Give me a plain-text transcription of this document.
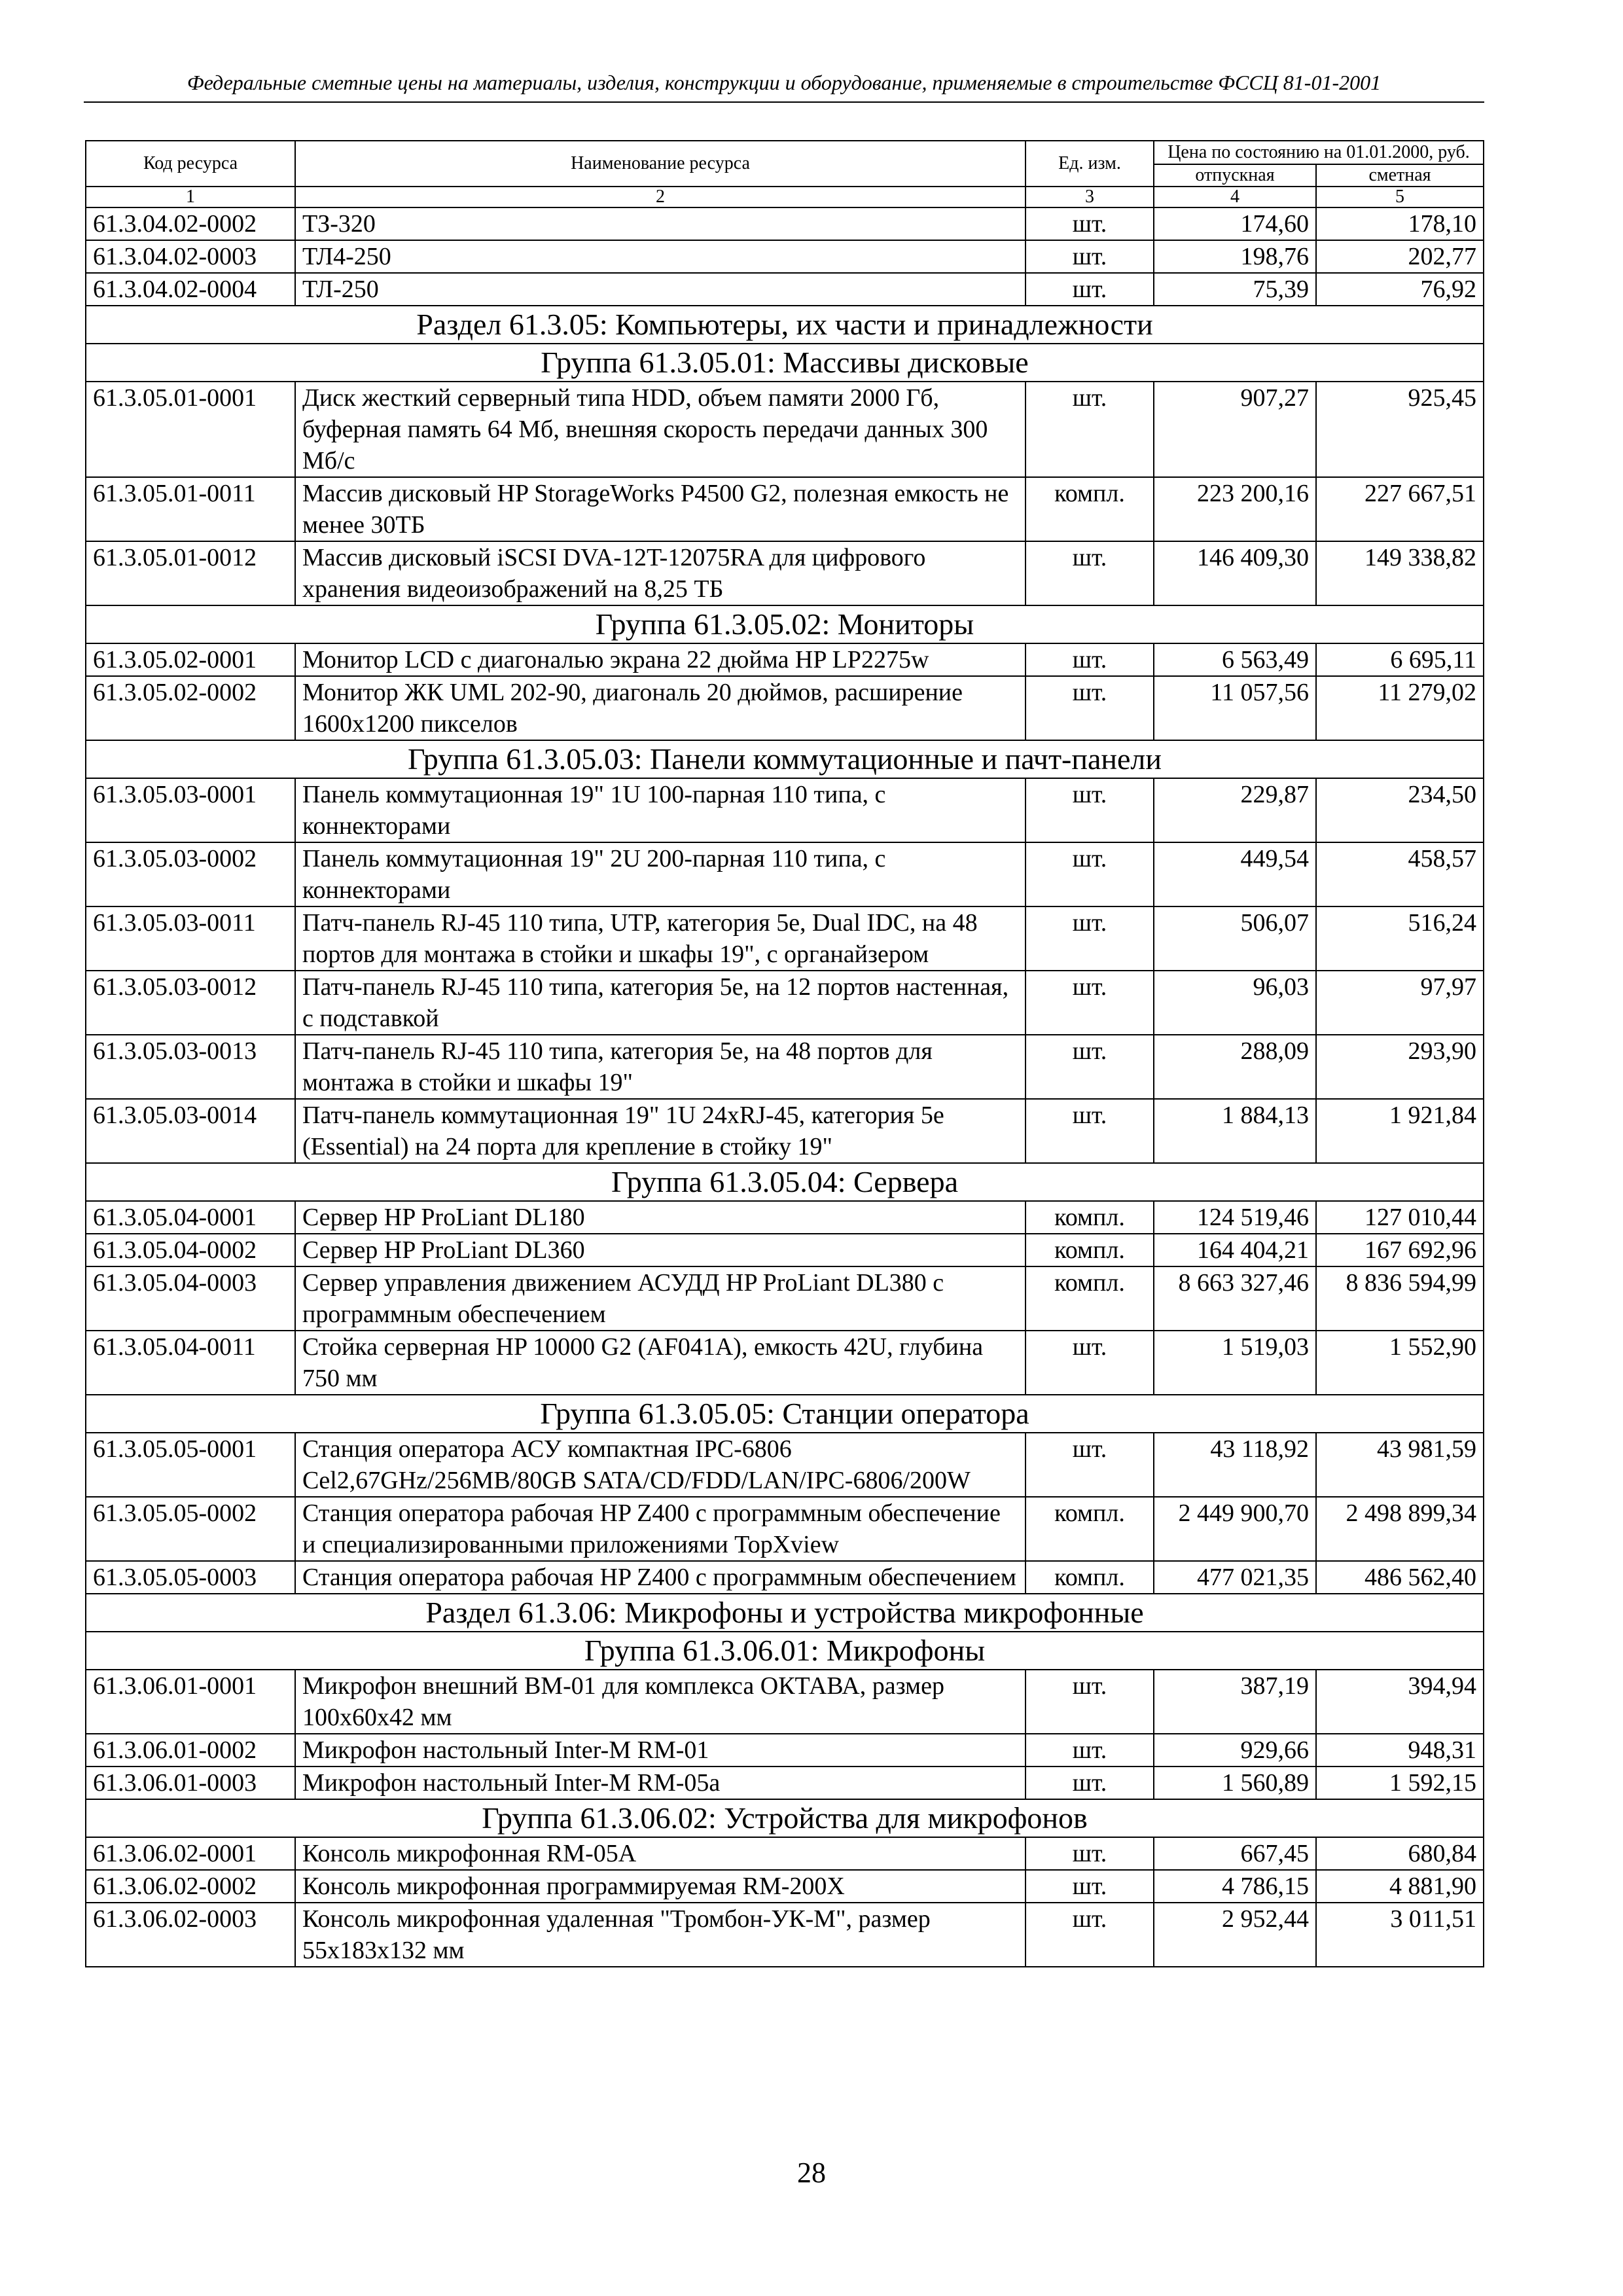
Федеральные сметные цены на материалы, изделия, конструкции и оборудование, применяемые в строительстве ФССЦ 81-01-2001
Код ресурса	Наименование ресурса	Ед. изм.	Цена по состоянию на 01.01.2000, руб.	
			отпускная	сметная
1	2	3	4	5
61.3.04.02-0002	ТЗ-320	шт.	174,60	178,10
61.3.04.02-0003	ТЛ4-250	шт.	198,76	202,77
61.3.04.02-0004	ТЛ-250	шт.	75,39	76,92
Раздел 61.3.05: Компьютеры, их части и принадлежности				
Группа 61.3.05.01: Массивы дисковые				
61.3.05.01-0001	Диск жесткий серверный типа HDD, объем памяти 2000 Гб, буферная память 64 Мб, внешняя скорость передачи данных 300 Мб/с	шт.	907,27	925,45
61.3.05.01-0011	Массив дисковый HP StorageWorks P4500 G2, полезная емкость не менее 30ТБ	компл.	223 200,16	227 667,51
61.3.05.01-0012	Массив дисковый iSCSI DVA-12T-12075RA для цифрового хранения видеоизображений на 8,25 ТБ	шт.	146 409,30	149 338,82
Группа 61.3.05.02: Мониторы				
61.3.05.02-0001	Монитор LCD с диагональю экрана 22 дюйма HP LP2275w	шт.	6 563,49	6 695,11
61.3.05.02-0002	Монитор ЖК UML 202-90, диагональ 20 дюймов, расширение 1600x1200 пикселов	шт.	11 057,56	11 279,02
Группа 61.3.05.03: Панели коммутационные и пачт-панели				
61.3.05.03-0001	Панель коммутационная 19" 1U 100-парная 110 типа, с коннекторами	шт.	229,87	234,50
61.3.05.03-0002	Панель коммутационная 19" 2U 200-парная 110 типа, с коннекторами	шт.	449,54	458,57
61.3.05.03-0011	Патч-панель RJ-45 110 типа, UTP, категория 5е, Dual IDC, на 48 портов для монтажа в стойки и шкафы 19", с органайзером	шт.	506,07	516,24
61.3.05.03-0012	Патч-панель RJ-45 110 типа, категория 5е, на 12 портов настенная, с подставкой	шт.	96,03	97,97
61.3.05.03-0013	Патч-панель RJ-45 110 типа, категория 5е, на 48 портов для монтажа в стойки и шкафы 19"	шт.	288,09	293,90
61.3.05.03-0014	Патч-панель коммутационная 19" 1U 24xRJ-45, категория 5е (Essential) на 24 порта для крепление в стойку 19"	шт.	1 884,13	1 921,84
Группа 61.3.05.04: Сервера				
61.3.05.04-0001	Сервер HP ProLiant DL180	компл.	124 519,46	127 010,44
61.3.05.04-0002	Сервер HP ProLiant DL360	компл.	164 404,21	167 692,96
61.3.05.04-0003	Сервер управления движением АСУДД HP ProLiant DL380 с программным обеспечением	компл.	8 663 327,46	8 836 594,99
61.3.05.04-0011	Стойка серверная HP 10000 G2 (AF041A), емкость 42U, глубина 750 мм	шт.	1 519,03	1 552,90
Группа 61.3.05.05: Станции оператора				
61.3.05.05-0001	Станция оператора АСУ компактная IPC-6806 Cel2,67GHz/256MB/80GB SATA/CD/FDD/LAN/IPC-6806/200W	шт.	43 118,92	43 981,59
61.3.05.05-0002	Станция оператора рабочая HP Z400 с программным обеспечение и специализированными приложениями TopXview	компл.	2 449 900,70	2 498 899,34
61.3.05.05-0003	Станция оператора рабочая HP Z400 с программным обеспечением	компл.	477 021,35	486 562,40
Раздел 61.3.06: Микрофоны и устройства микрофонные				
Группа 61.3.06.01: Микрофоны				
61.3.06.01-0001	Микрофон внешний ВМ-01 для комплекса ОКТАВА, размер 100x60x42 мм	шт.	387,19	394,94
61.3.06.01-0002	Микрофон настольный Inter-M RM-01	шт.	929,66	948,31
61.3.06.01-0003	Микрофон настольный Inter-M RM-05a	шт.	1 560,89	1 592,15
Группа 61.3.06.02: Устройства для микрофонов				
61.3.06.02-0001	Консоль микрофонная RM-05A	шт.	667,45	680,84
61.3.06.02-0002	Консоль микрофонная программируемая RM-200X	шт.	4 786,15	4 881,90
61.3.06.02-0003	Консоль микрофонная удаленная "Тромбон-УК-М", размер 55x183x132 мм	шт.	2 952,44	3 011,51
28
